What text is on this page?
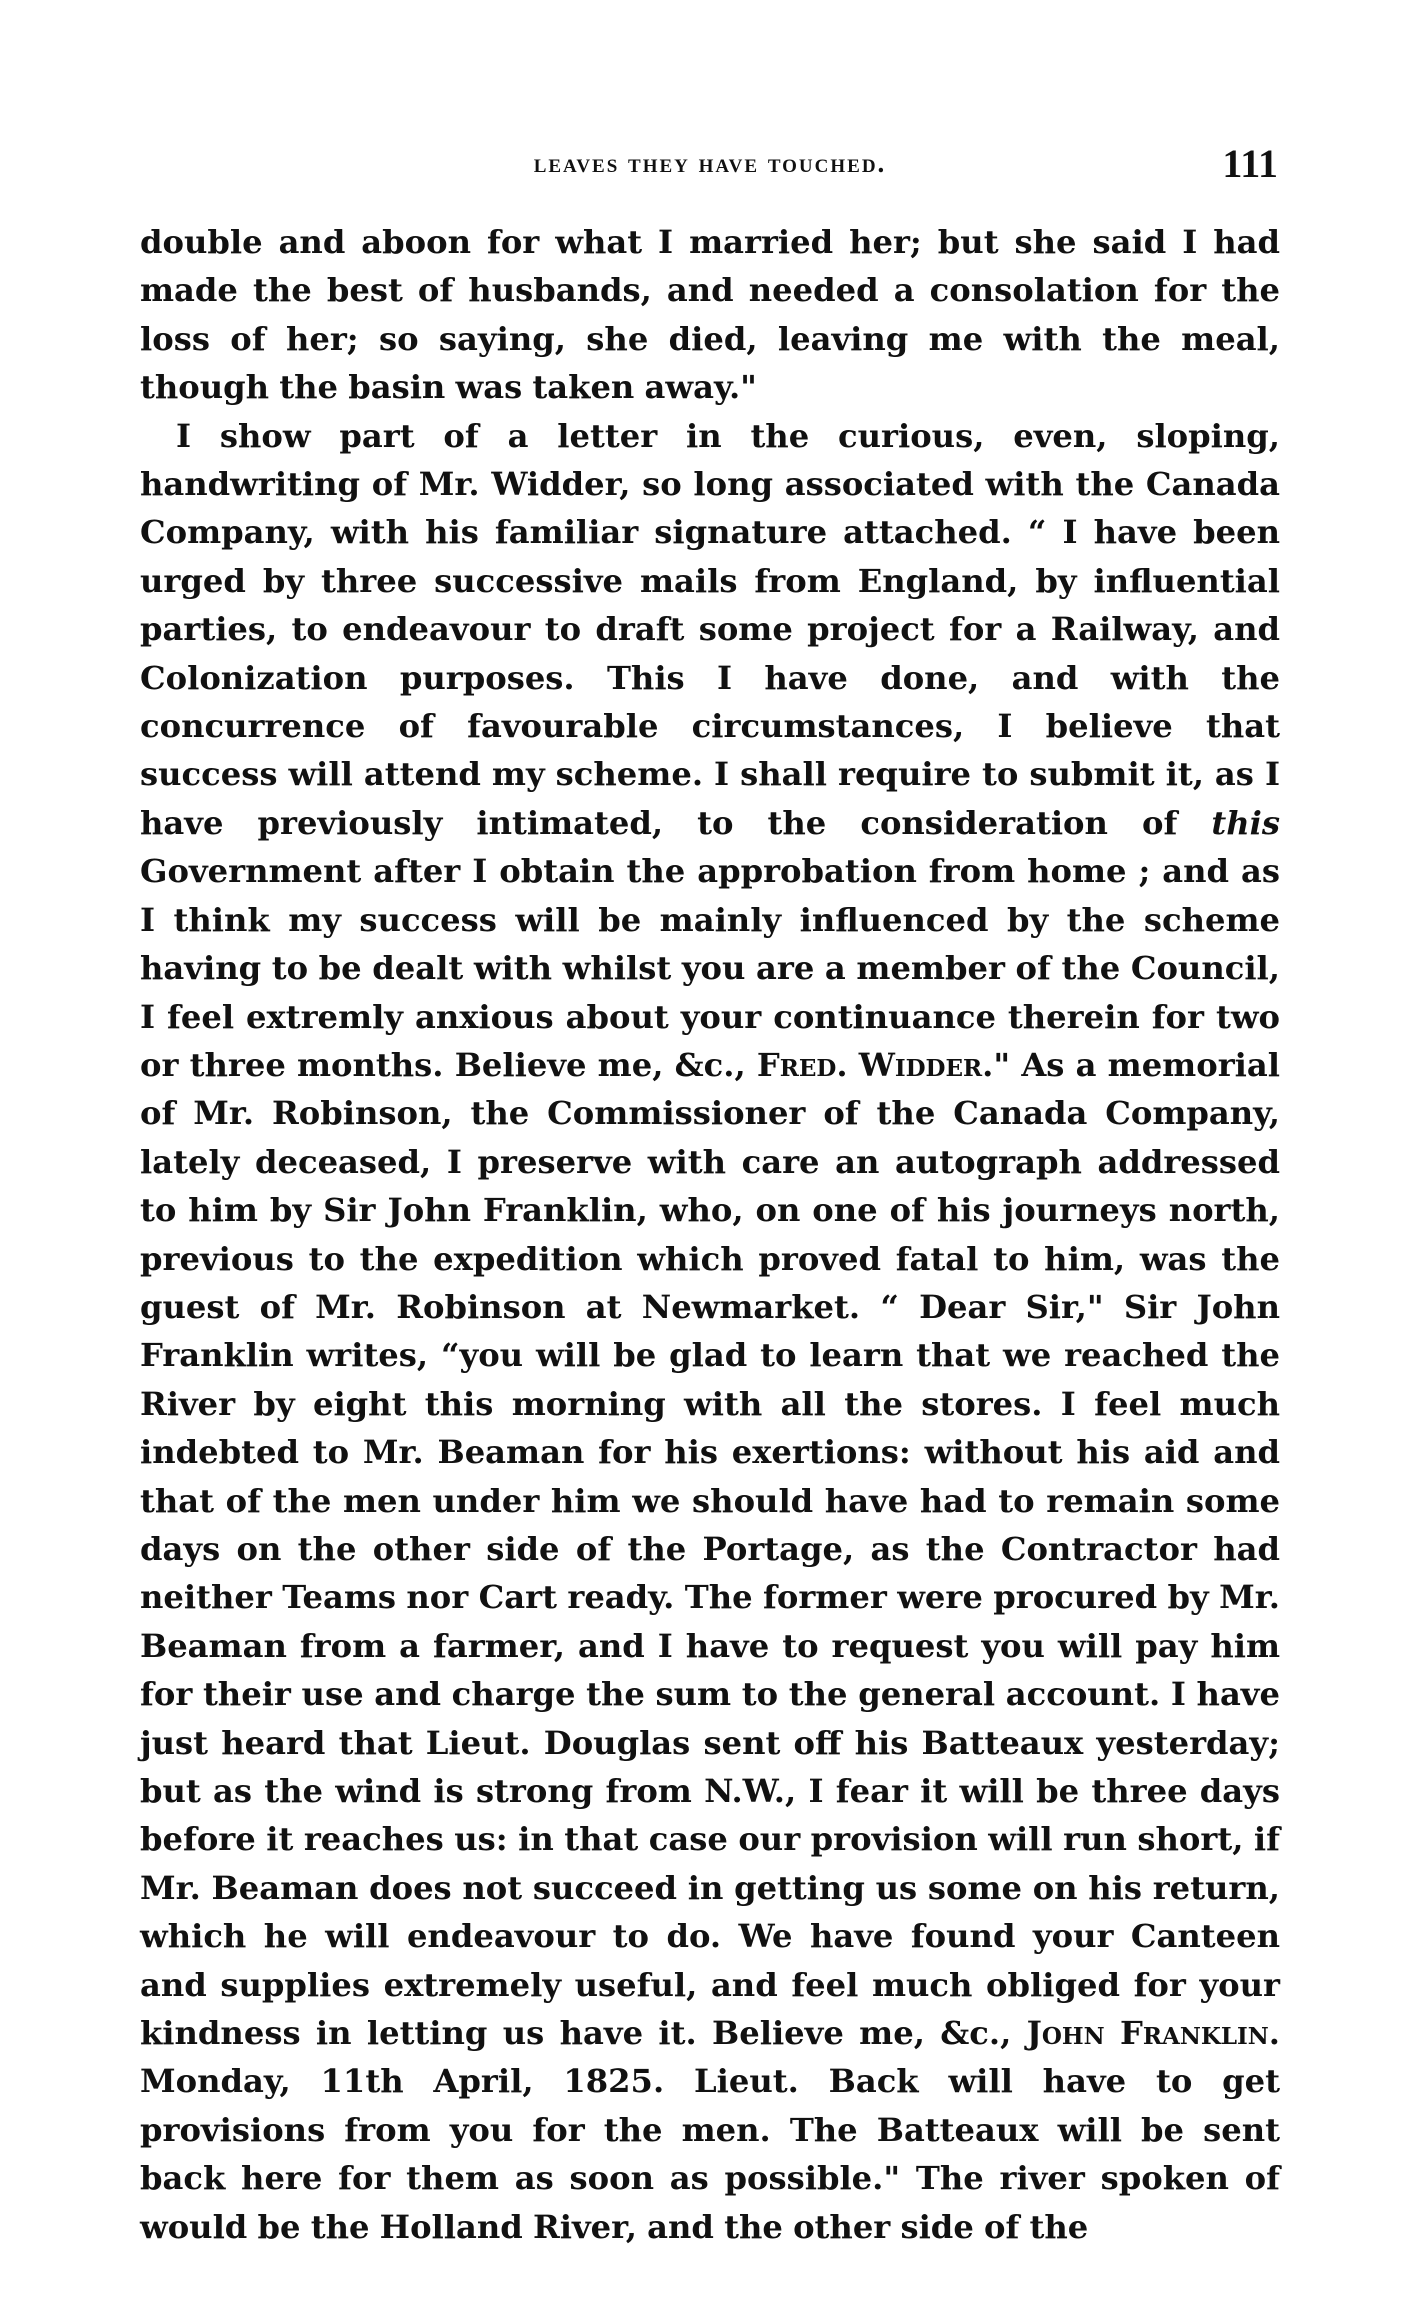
leaves they have touched.	111

double and aboon for what I married her; but she said I had made the best of husbands, and needed a consolation for the loss of her; so saying, she died, leaving me with the meal, though the basin was taken away."

I show part of a letter in the curious, even, sloping, handwriting of Mr. Widder, so long associated with the Canada Company, with his familiar signature attached. “ I have been urged by three successive mails from England, by influential parties, to endeavour to draft some project for a Railway, and Colonization purposes. This I have done, and with the concurrence of favourable circumstances, I believe that success will attend my scheme. I shall require to submit it, as I have previously intimated, to the consideration of this Government after I obtain the approbation from home ; and as I think my success will be mainly influenced by the scheme having to be dealt with whilst you are a member of the Council, I feel extremly anxious about your continuance therein for two or three months. Believe me, &c., Fred. Widder." As a memorial of Mr. Robinson, the Commissioner of the Canada Company, lately deceased, I preserve with care an autograph addressed to him by Sir John Franklin, who, on one of his journeys north, previous to the expedition which proved fatal to him, was the guest of Mr. Robinson at Newmarket. “ Dear Sir," Sir John Franklin writes, “you will be glad to learn that we reached the River by eight this morning with all the stores. I feel much indebted to Mr. Beaman for his exertions: without his aid and that of the men under him we should have had to remain some days on the other side of the Portage, as the Contractor had neither Teams nor Cart ready. The former were procured by Mr. Beaman from a farmer, and I have to request you will pay him for their use and charge the sum to the general account. I have just heard that Lieut. Douglas sent off his Batteaux yesterday; but as the wind is strong from N.W., I fear it will be three days before it reaches us: in that case our provision will run short, if Mr. Beaman does not succeed in getting us some on his return, which he will endeavour to do. We have found your Canteen and supplies extremely useful, and feel much obliged for your kindness in letting us have it. Believe me, &c., John Franklin. Monday, 11th April, 1825. Lieut. Back will have to get provisions from you for the men. The Batteaux will be sent back here for them as soon as possible." The river spoken of would be the Holland River, and the other side of the
